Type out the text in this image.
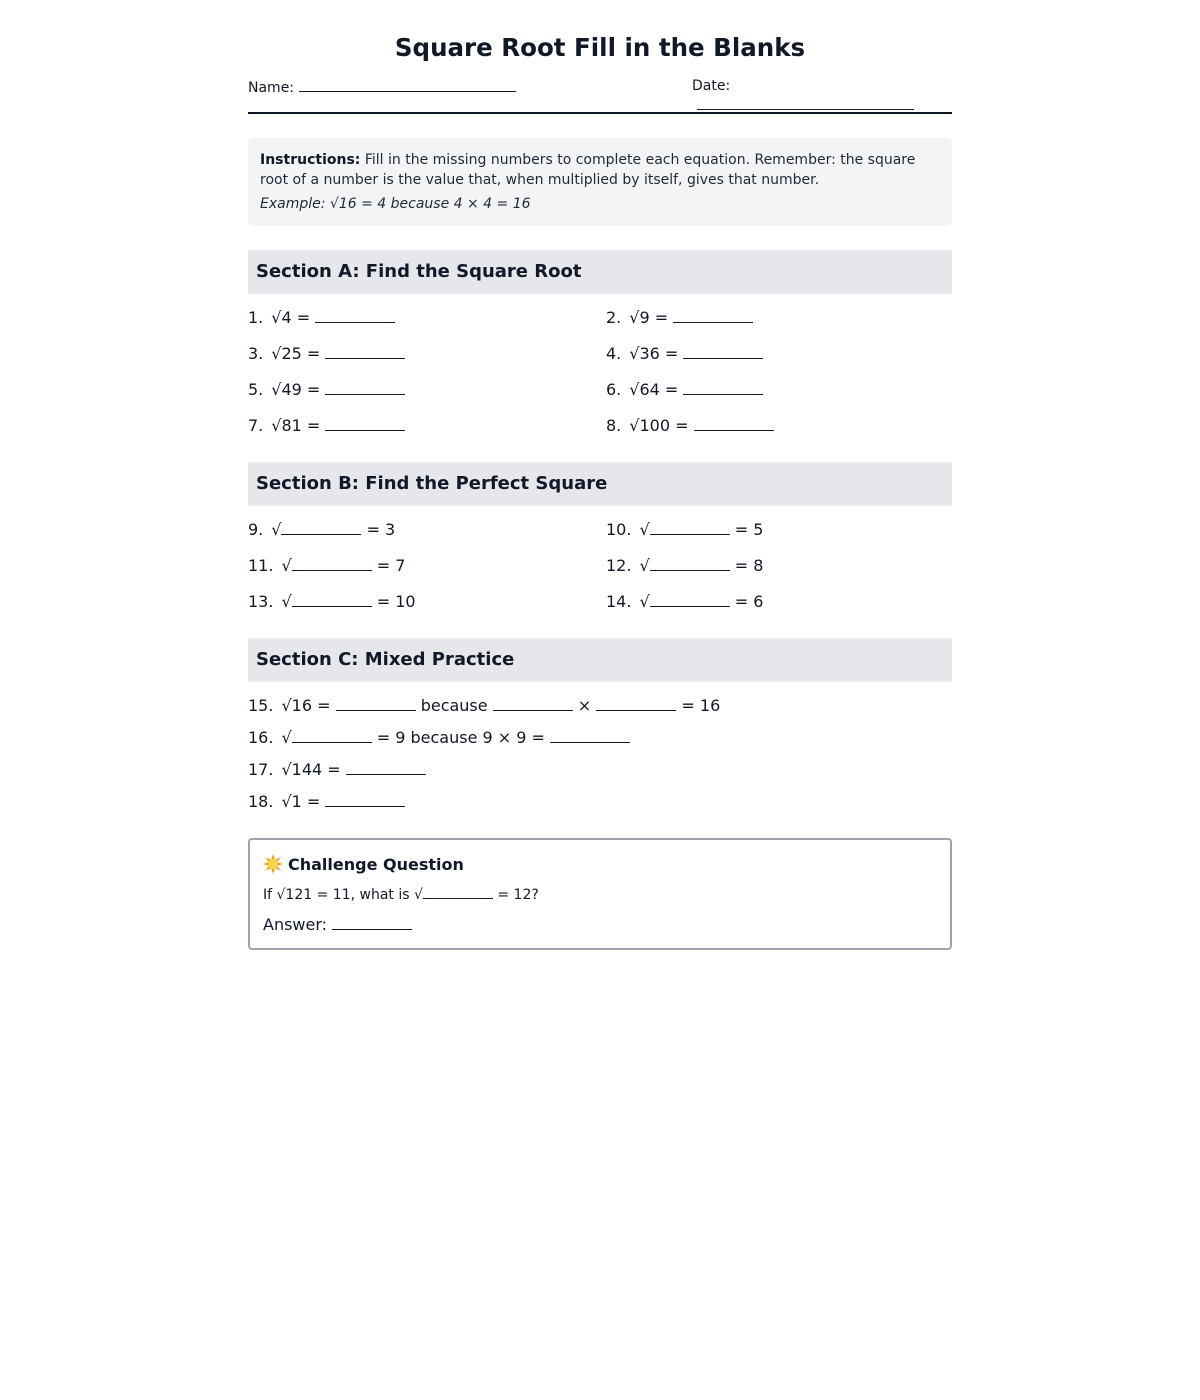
Square Root Fill in the Blanks
Name:	Date:

Instructions: Fill in the missing numbers to complete each equation. Remember: the square root of a number is the value that, when multiplied by itself, gives that number.

Example: √16 = 4 because 4 × 4 = 16

Section A: Find the Square Root
1. √4 =	2. √9 =
3. √25 =	4. √36 =
5. √49 =	6. √64 =
7. √81 =	8. √100 =
Section B: Find the Perfect Square
9. √	= 3	10. √	= 5
11. √	= 7	12. √	= 8
13. √	= 10	14. √	= 6
Section C: Mixed Practice
15. √16 =	because	×	= 16
16. √	= 9 because 9 × 9 =
17. √144 =
18. √1 =
Challenge Question
If √121 = 11, what is √	= 12?
Answer:
